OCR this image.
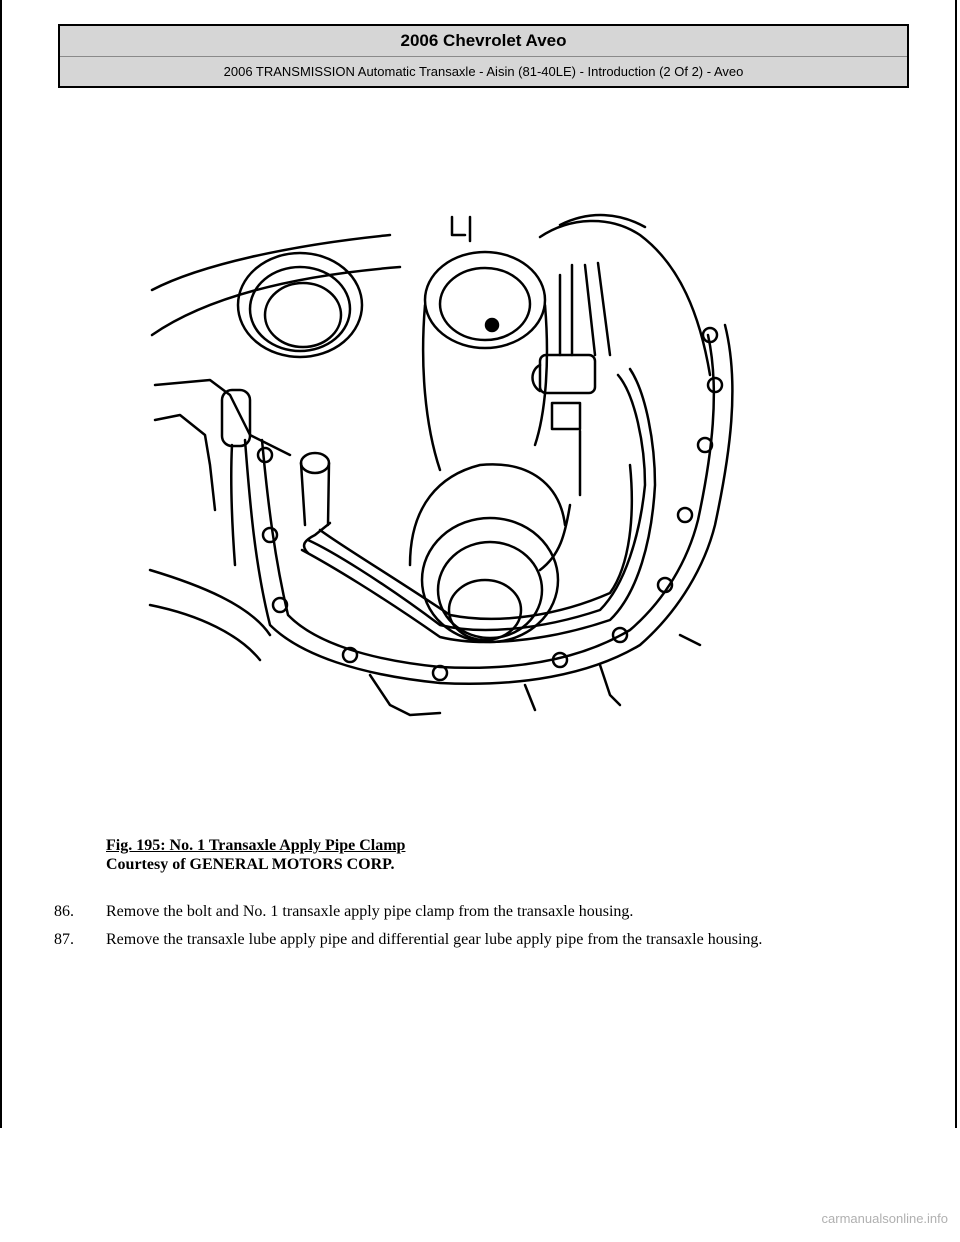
2006 Chevrolet Aveo
2006 TRANSMISSION Automatic Transaxle - Aisin (81-40LE) - Introduction (2 Of 2) - Aveo
Fig. 195: No. 1 Transaxle Apply Pipe Clamp
Courtesy of GENERAL MOTORS CORP.
86.	Remove the bolt and No. 1 transaxle apply pipe clamp from the transaxle housing.
87.	Remove the transaxle lube apply pipe and differential gear lube apply pipe from the transaxle housing.
carmanualsonline.info
